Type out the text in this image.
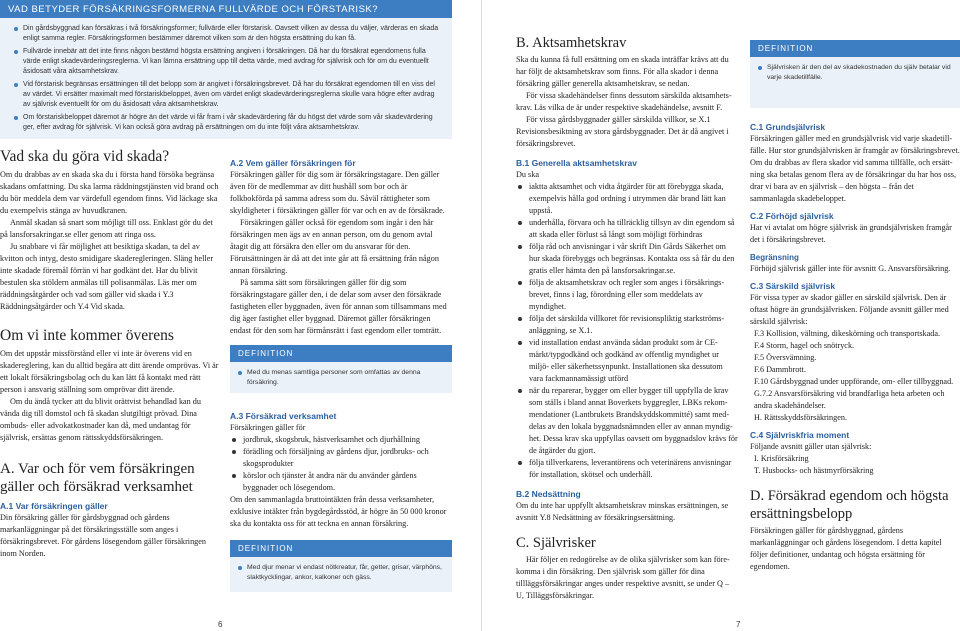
VAD BETYDER FÖRSÄKRINGSFORMERNA FULLVÄRDE OCH FÖRSTARISK?
Din gårdsbyggnad kan försäkras i två försäkringsformer; fullvärde eller förstarisk. Oavsett vilken av dessa du väljer, värderas en skada enligt samma regler. Försäkringsformen bestämmer däremot vilken som är den högsta ersättning du kan få.
Fullvärde innebär att det inte finns någon bestämd högsta ersättning angiven i försäkringen. Då har du försäkrat egendomens fulla värde enligt skadevärderingsreglerna. Vi kan lämna ersättning upp till detta värde, med avdrag för självrisk och för om du eventuellt åsidosatt våra aktsamhetskrav.
Vid förstarisk begränsas ersättningen till det belopp som är angivet i försäkringsbrevet. Då har du försäkrat egendomen till en viss del av värdet. Vi ersätter maximalt med förstariskbeloppet, även om värdet enligt skadevärderingsreglerna skulle vara högre efter avdrag av självrisk eventuellt för om du åsidosatt våra aktsamhetskrav.
Om förstariskbeloppet däremot är högre än det värde vi får fram i vår skadevärdering får du högst det värde som vår skadevärdering ger, efter avdrag för självrisk. Vi kan också göra avdrag på ersättningen om du inte följt våra aktsamhetskrav.
Vad ska du göra vid skada?

Om du drabbas av en skada ska du i första hand försöka begränsa skadans omfattning. Du ska larma räddningstjänsten vid brand och du bör meddela dem var värdefull egendom finns. Vid läckage ska du exempelvis stänga av huvudkranen.

Anmäl skadan så snart som möjligt till oss. Enklast gör du det på lansforsakringar.se eller genom att ringa oss.

Ju snabbare vi får möjlighet att besiktiga skadan, ta del av kvitton och intyg, desto smidigare skaderegleringen. Släng heller inte skadade föremål förrän vi har godkänt det. Har du blivit bestulen ska stöldern anmälas till polisanmälas. Läs mer om räddningsåtgärder och vad som gäller vid skada i Y.3 Räddningsåtgärder och Y.4 Vid skada.

Om vi inte kommer överens

Om det uppstår missförstånd eller vi inte är överens vid en skadereglering, kan du alltid begära att ditt ärende omprövas. Vi är ett lokalt försäkringsbolag och du kan lätt få kontakt med rätt person i ansvarig ställning som omprövar ditt ärende.

Om du ändå tycker att du blivit orättvist behandlad kan du vända dig till domstol och få skadan slutgiltigt prövad. Dina ombuds- eller advokatkostnader kan då, med undantag för självrisk, ersättas genom rättsskyddsförsäkringen.

A. Var och för vem försäkringen gäller och försäkrad verksamhet
A.1 Var försäkringen gäller
Din försäkring gäller för gårdsbyggnad och gårdens markanläggningar på det försäkringsställe som anges i försäkringsbrevet. För gårdens lösegendom gäller försäkringen inom Norden.
A.2 Vem gäller försäkringen för

Försäkringen gäller för dig som är försäkringstagare. Den gäller även för de medlemmar av ditt hushåll som bor och är folkbokförda på samma adress som du. Såväl rättigheter som skyldigheter i försäkringen gäller för var och en av de försäkrade.

Försäkringen gäller också för egendom som ingår i den här försäkringen men ägs av en annan person, om du genom avtal åtagit dig att försäkra den eller om du ansvarar för den. Förutsättningen är då att det inte går att få ersättning från någon annan försäkring.

På samma sätt som försäkringen gäller för dig som försäkringstagare gäller den, i de delar som avser den försäkrade fastigheten eller byggnaden, även för annan som tillsammans med dig äger fastighet eller byggnad. Däremot gäller försäkringen endast för den som har förmånsrätt i fast egendom eller tomträtt.

DEFINITION
Med du menas samtliga personer som omfattas av denna försäkring.
A.3 Försäkrad verksamhet
Försäkringen gäller för
jordbruk, skogsbruk, hästverksamhet och djurhållning
förädling och försäljning av gårdens djur, jordbruks- och skogsprodukter
körslor och tjänster åt andra när du använder gårdens byggnader och lösegendom.
Om den sammanlagda bruttointäkten från dessa verksamheter, exklusive intäkter från bygdegårdsstöd, är högre än 50 000 kronor ska du kontakta oss för att teckna en annan försäkring.
DEFINITION
Med djur menar vi endast nötkreatur, får, getter, grisar, värphöns, slaktkycklingar, ankor, kalkoner och gäss.
6
B. Aktsamhetskrav

Ska du kunna få full ersättning om en skada inträffar krävs att du har följt de aktsamhetskrav som finns. För alla skador i denna försäkring gäller generella aktsamhetskrav, se nedan.

För vissa skadehändelser finns dessutom särskilda aktsamhetskrav. Läs vilka de är under respektive skadehändelse, avsnitt F.

För vissa gårdsbyggnader gäller särskilda villkor, se X.1 Revisionsbesiktning av stora gårdsbyggnader. Det är då angivet i försäkringsbrevet.

B.1 Generella aktsamhetskrav
Du ska
iaktta aktsamhet och vidta åtgärder för att förebygga skada, exempelvis hålla god ordning i utrymmen där brand lätt kan uppstå.
underhålla, förvara och ha tillräcklig tillsyn av din egendom så att skada eller förlust så långt som möjligt förhindras
följa råd och anvisningar i vår skrift Din Gårds Säkerhet om hur skada förebyggs och begränsas. Kontakta oss så får du den gratis eller hämta den på lansforsakringar.se.
följa de aktsamhetskrav och regler som anges i försäkringsbrevet, finns i lag, förordning eller som meddelats av myndighet.
följa det särskilda villkoret för revisionspliktig starkströmsanläggning, se X.1.
vid installation endast använda sådan produkt som är CE-märkt/typgodkänd och godkänd av offentlig myndighet ur miljö- eller säkerhetssynpunkt. Installationen ska dessutom vara fackmannamässigt utförd
när du reparerar, bygger om eller bygger till uppfylla de krav som ställs i bland annat Boverkets byggregler, LBKs rekommendationer (Lantbrukets Brandskyddskommitté) samt meddelas av den lokala byggnadsnämnden eller av annan myndighet. Dessa krav ska uppfyllas oavsett om byggnadslov krävs för de åtgärder du gjort.
följa tillverkarens, leverantörens och veterinärens anvisningar för installation, skötsel och underhåll.
B.2 Nedsättning
Om du inte har uppfyllt aktsamhetskrav minskas ersättningen, se avsnitt Y.8 Nedsättning av försäkringsersättning.
C. Självrisker
Här följer en redogörelse av de olika självrisker som kan förekomma i din försäkring. Den självrisk som gäller för dina tillläggsförsäkringar anges under respektive avsnitt, se under Q – U, Tilläggsförsäkringar.
DEFINITION
Självrisken är den del av skadekostnaden du själv betalar vid varje skadetillfälle.
C.1 Grundsjälvrisk
Försäkringen gäller med en grundsjälvrisk vid varje skadetillfälle. Hur stor grundsjälvrisken är framgår av försäkringsbrevet. Om du drabbas av flera skador vid samma tillfälle, och ersättning ska betalas genom flera av de försäkringar du har hos oss, drar vi bara av en självrisk – den högsta – från det sammanlagda skadebeloppet.
C.2 Förhöjd självrisk
Har vi avtalat om högre självrisk än grundsjälvrisken framgår det i försäkringsbrevet.
Begränsning
Förhöjd självrisk gäller inte för avsnitt G. Ansvarsförsäkring.
C.3 Särskild självrisk
För vissa typer av skador gäller en särskild självrisk. Den är oftast högre än grundsjälvrisken. Följande avsnitt gäller med särskild självrisk:
F.3 Kollision, vältning, dikeskörning och transportskada.
F.4 Storm, hagel och snötryck.
F.5 Översvämning.
F.6 Dammbrott.
F.10 Gårdsbyggnad under uppförande, om- eller tillbyggnad.
G.7.2 Ansvarsförsäkring vid brandfarliga heta arbeten och andra skadehändelser.
H. Rättsskyddsförsäkringen.
C.4 Självriskfria moment
Följande avsnitt gäller utan självrisk:
I. Krisförsäkring
T. Husbocks- och hästmyrförsäkring
D. Försäkrad egendom och högsta ersättningsbelopp
Försäkringen gäller för gårdsbyggnad, gårdens markanläggningar och gårdens lösegendom. I detta kapitel följer definitioner, undantag och högsta ersättning för egendomen.
7
